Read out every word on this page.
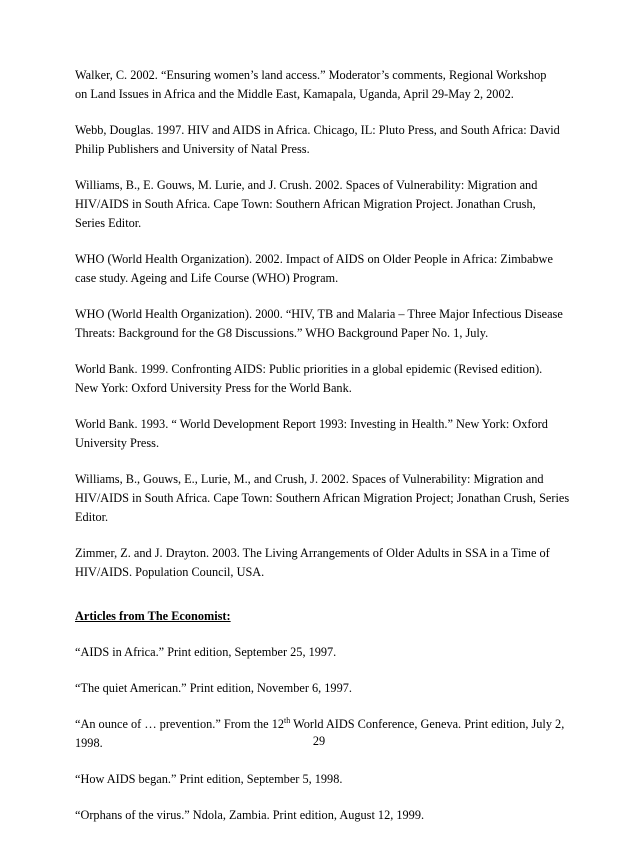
Walker, C. 2002. “Ensuring women’s land access.” Moderator’s comments, Regional Workshop
on Land Issues in Africa and the Middle East, Kamapala, Uganda, April 29-May 2, 2002.
Webb, Douglas. 1997. HIV and AIDS in Africa. Chicago, IL: Pluto Press, and South Africa: David
Philip Publishers and University of Natal Press.
Williams, B., E. Gouws, M. Lurie, and J. Crush. 2002. Spaces of Vulnerability: Migration and
HIV/AIDS in South Africa. Cape Town: Southern African Migration Project. Jonathan Crush,
Series Editor.
WHO (World Health Organization). 2002. Impact of AIDS on Older People in Africa: Zimbabwe
case study. Ageing and Life Course (WHO) Program.
WHO (World Health Organization). 2000. “HIV, TB and Malaria – Three Major Infectious Disease
Threats: Background for the G8 Discussions.” WHO Background Paper No. 1, July.
World Bank. 1999. Confronting AIDS: Public priorities in a global epidemic (Revised edition).
New York: Oxford University Press for the World Bank.
World Bank. 1993. “ World Development Report 1993: Investing in Health.” New York: Oxford
University Press.
Williams, B., Gouws, E., Lurie, M., and Crush, J. 2002. Spaces of Vulnerability: Migration and
HIV/AIDS in South Africa. Cape Town: Southern African Migration Project; Jonathan Crush, Series
Editor.
Zimmer, Z. and J. Drayton. 2003. The Living Arrangements of Older Adults in SSA in a Time of
HIV/AIDS. Population Council, USA.
Articles from The Economist:
“AIDS in Africa.” Print edition, September 25, 1997.
“The quiet American.” Print edition, November 6, 1997.
“An ounce of … prevention.” From the 12th World AIDS Conference, Geneva. Print edition, July 2,
1998.
“How AIDS began.” Print edition, September 5, 1998.
“Orphans of the virus.” Ndola, Zambia. Print edition, August 12, 1999.
29
